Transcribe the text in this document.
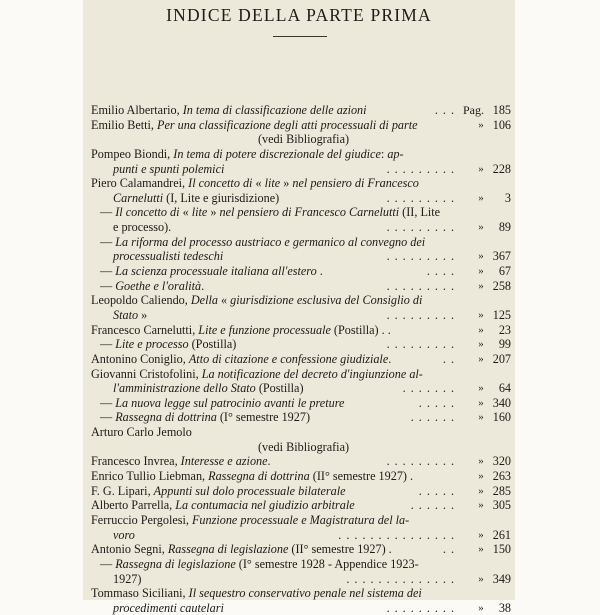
INDICE DELLA PARTE PRIMA
Emilio Albertario, In tema di classificazione delle azioni	... Pag. 185
Emilio Betti, Per una classificazione degli atti processuali di parte	» 106
(vedi Bibliografia)
Pompeo Biondi, In tema di potere discrezionale del giudice: ap-
punti e spunti polemici	.........	» 228
Piero Calamandrei, Il concetto di « lite » nel pensiero di Francesco
Carnelutti (I, Lite e giurisdizione)	.........	»	3
— Il concetto di « lite » nel pensiero di Francesco Carnelutti (II, Lite
e processo).	.........	»	89
— La riforma del processo austriaco e germanico al convegno dei
processualisti tedeschi	.........	» 367
— La scienza processuale italiana all'estero .	....	»	67
— Goethe e l'oralità.	.........	» 258
Leopoldo Caliendo, Della « giurisdizione esclusiva del Consiglio di
Stato »	.........	» 125
Francesco Carnelutti, Lite e funzione processuale (Postilla) . .	»	23
— Lite e processo (Postilla)	.........	»	99
Antonino Coniglio, Atto di citazione e confessione giudiziale.	..	» 207
Giovanni Cristofolini, La notificazione del decreto d'ingiunzione al-
l'amministrazione dello Stato (Postilla)	.......	»	64
— La nuova legge sul patrocinio avanti le preture	.....	» 340
— Rassegna di dottrina (I° semestre 1927)	......	» 160
Arturo Carlo Jemolo
(vedi Bibliografia)
Francesco Invrea, Interesse e azione.	.........	» 320
Enrico Tullio Liebman, Rassegna di dottrina (II° semestre 1927) .	» 263
F. G. Lipari, Appunti sul dolo processuale bilaterale	.....	» 285
Alberto Parrella, La contumacia nel giudizio arbitrale	......	» 305
Ferruccio Pergolesi, Funzione processuale e Magistratura del la-
voro	...............	» 261
Antonio Segni, Rassegna di legislazione (II° semestre 1927) .	..	» 150
— Rassegna di legislazione (I° semestre 1928 - Appendice 1923-
1927)	..............	» 349
Tommaso Siciliani, Il sequestro conservativo penale nel sistema dei
procedimenti cautelari	.........	»	38
